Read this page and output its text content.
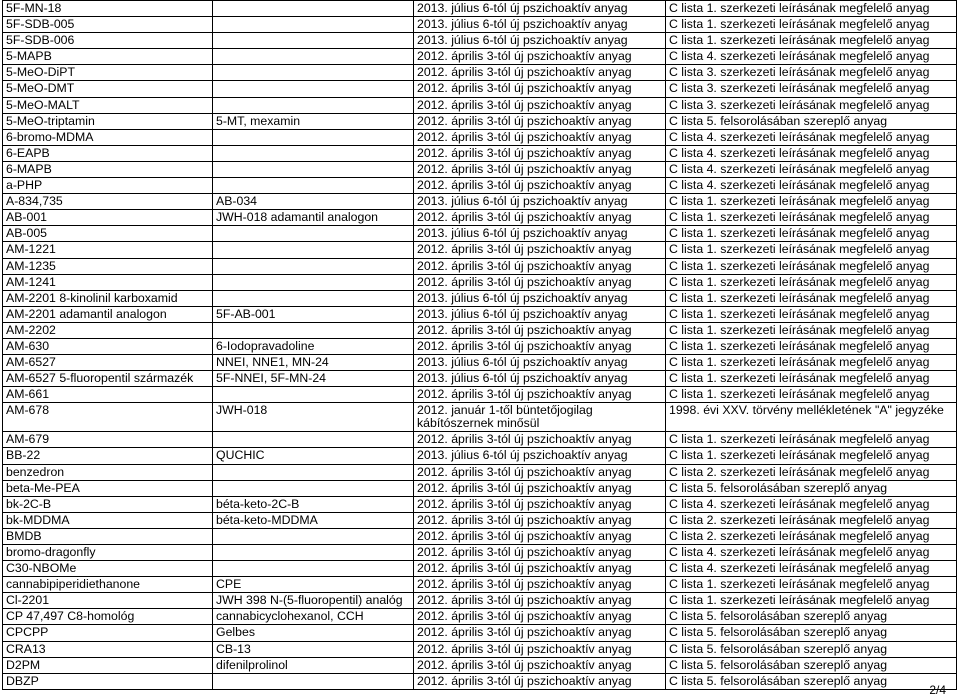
5F-MN-18		2013. július 6-tól új pszichoaktív anyag	C lista 1. szerkezeti leírásának megfelelő anyag
5F-SDB-005		2013. július 6-tól új pszichoaktív anyag	C lista 1. szerkezeti leírásának megfelelő anyag
5F-SDB-006		2013. július 6-tól új pszichoaktív anyag	C lista 1. szerkezeti leírásának megfelelő anyag
5-MAPB		2012. április 3-tól új pszichoaktív anyag	C lista 4. szerkezeti leírásának megfelelő anyag
5-MeO-DiPT		2012. április 3-tól új pszichoaktív anyag	C lista 3. szerkezeti leírásának megfelelő anyag
5-MeO-DMT		2012. április 3-tól új pszichoaktív anyag	C lista 3. szerkezeti leírásának megfelelő anyag
5-MeO-MALT		2012. április 3-tól új pszichoaktív anyag	C lista 3. szerkezeti leírásának megfelelő anyag
5-MeO-triptamin	5-MT, mexamin	2012. április 3-tól új pszichoaktív anyag	C lista 5. felsorolásában szereplő anyag
6-bromo-MDMA		2012. április 3-tól új pszichoaktív anyag	C lista 4. szerkezeti leírásának megfelelő anyag
6-EAPB		2012. április 3-tól új pszichoaktív anyag	C lista 4. szerkezeti leírásának megfelelő anyag
6-MAPB		2012. április 3-tól új pszichoaktív anyag	C lista 4. szerkezeti leírásának megfelelő anyag
a-PHP		2012. április 3-tól új pszichoaktív anyag	C lista 4. szerkezeti leírásának megfelelő anyag
A-834,735	AB-034	2013. július 6-tól új pszichoaktív anyag	C lista 1. szerkezeti leírásának megfelelő anyag
AB-001	JWH-018 adamantil analogon	2012. április 3-tól új pszichoaktív anyag	C lista 1. szerkezeti leírásának megfelelő anyag
AB-005		2013. július 6-tól új pszichoaktív anyag	C lista 1. szerkezeti leírásának megfelelő anyag
AM-1221		2012. április 3-tól új pszichoaktív anyag	C lista 1. szerkezeti leírásának megfelelő anyag
AM-1235		2012. április 3-tól új pszichoaktív anyag	C lista 1. szerkezeti leírásának megfelelő anyag
AM-1241		2012. április 3-tól új pszichoaktív anyag	C lista 1. szerkezeti leírásának megfelelő anyag
AM-2201 8-kinolinil karboxamid		2013. július 6-tól új pszichoaktív anyag	C lista 1. szerkezeti leírásának megfelelő anyag
AM-2201 adamantil analogon	5F-AB-001	2013. július 6-tól új pszichoaktív anyag	C lista 1. szerkezeti leírásának megfelelő anyag
AM-2202		2012. április 3-tól új pszichoaktív anyag	C lista 1. szerkezeti leírásának megfelelő anyag
AM-630	6-Iodopravadoline	2012. április 3-tól új pszichoaktív anyag	C lista 1. szerkezeti leírásának megfelelő anyag
AM-6527	NNEI, NNE1, MN-24	2013. július 6-tól új pszichoaktív anyag	C lista 1. szerkezeti leírásának megfelelő anyag
AM-6527 5-fluoropentil származék	5F-NNEI, 5F-MN-24	2013. július 6-tól új pszichoaktív anyag	C lista 1. szerkezeti leírásának megfelelő anyag
AM-661		2012. április 3-tól új pszichoaktív anyag	C lista 1. szerkezeti leírásának megfelelő anyag
AM-678	JWH-018	2012. január 1-től büntetőjogilag kábítószernek minősül	1998. évi XXV. törvény mellékletének "A" jegyzéke
AM-679		2012. április 3-tól új pszichoaktív anyag	C lista 1. szerkezeti leírásának megfelelő anyag
BB-22	QUCHIC	2013. július 6-tól új pszichoaktív anyag	C lista 1. szerkezeti leírásának megfelelő anyag
benzedron		2012. április 3-tól új pszichoaktív anyag	C lista 2. szerkezeti leírásának megfelelő anyag
beta-Me-PEA		2012. április 3-tól új pszichoaktív anyag	C lista 5. felsorolásában szereplő anyag
bk-2C-B	béta-keto-2C-B	2012. április 3-tól új pszichoaktív anyag	C lista 4. szerkezeti leírásának megfelelő anyag
bk-MDDMA	béta-keto-MDDMA	2012. április 3-tól új pszichoaktív anyag	C lista 2. szerkezeti leírásának megfelelő anyag
BMDB		2012. április 3-tól új pszichoaktív anyag	C lista 2. szerkezeti leírásának megfelelő anyag
bromo-dragonfly		2012. április 3-tól új pszichoaktív anyag	C lista 4. szerkezeti leírásának megfelelő anyag
C30-NBOMe		2012. április 3-tól új pszichoaktív anyag	C lista 4. szerkezeti leírásának megfelelő anyag
cannabipiperidiethanone	CPE	2012. április 3-tól új pszichoaktív anyag	C lista 1. szerkezeti leírásának megfelelő anyag
Cl-2201	JWH 398 N-(5-fluoropentil) analóg	2012. április 3-tól új pszichoaktív anyag	C lista 1. szerkezeti leírásának megfelelő anyag
CP 47,497 C8-homológ	cannabicyclohexanol, CCH	2012. április 3-tól új pszichoaktív anyag	C lista 5. felsorolásában szereplő anyag
CPCPP	Gelbes	2012. április 3-tól új pszichoaktív anyag	C lista 5. felsorolásában szereplő anyag
CRA13	CB-13	2012. április 3-tól új pszichoaktív anyag	C lista 5. felsorolásában szereplő anyag
D2PM	difenilprolinol	2012. április 3-tól új pszichoaktív anyag	C lista 5. felsorolásában szereplő anyag
DBZP		2012. április 3-tól új pszichoaktív anyag	C lista 5. felsorolásában szereplő anyag
2/4
